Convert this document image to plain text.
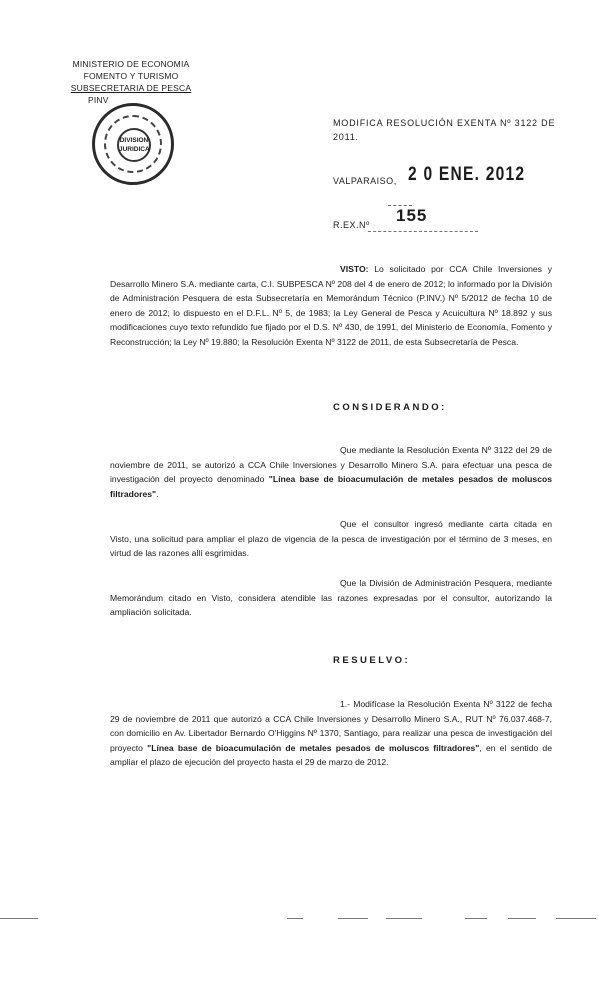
MINISTERIO DE ECONOMIA
FOMENTO Y TURISMO
SUBSECRETARIA DE PESCA
PINV
DIVISION JURIDICA
MODIFICA RESOLUCIÓN EXENTA Nº 3122 DE
2011.
VALPARAISO, 2 0 ENE. 2012
R.EX.Nº 155
VISTO: Lo solicitado por CCA Chile Inversiones y Desarrollo Minero S.A. mediante carta, C.I. SUBPESCA Nº 208 del 4 de enero de 2012; lo informado por la División de Administración Pesquera de esta Subsecretaría en Memorándum Técnico (P.INV.) Nº 5/2012 de fecha 10 de enero de 2012; lo dispuesto en el D.F.L. Nº 5, de 1983; la Ley General de Pesca y Acuicultura Nº 18.892 y sus modificaciones cuyo texto refundido fue fijado por el D.S. Nº 430, de 1991, del Ministerio de Economía, Fomento y Reconstrucción; la Ley Nº 19.880; la Resolución Exenta Nº 3122 de 2011, de esta Subsecretaría de Pesca.
CONSIDERANDO:
Que mediante la Resolución Exenta Nº 3122 del 29 de noviembre de 2011, se autorizó a CCA Chile Inversiones y Desarrollo Minero S.A. para efectuar una pesca de investigación del proyecto denominado "Línea base de bioacumulación de metales pesados de moluscos filtradores".
Que el consultor ingresó mediante carta citada en Visto, una solicitud para ampliar el plazo de vigencia de la pesca de investigación por el término de 3 meses, en virtud de las razones allí esgrimidas.
Que la División de Administración Pesquera, mediante Memorándum citado en Visto, considera atendible las razones expresadas por el consultor, autorizando la ampliación solicitada.
RESUELVO:
1.- Modifícase la Resolución Exenta Nº 3122 de fecha 29 de noviembre de 2011 que autorizó a CCA Chile Inversiones y Desarrollo Minero S.A., RUT Nº 76.037.468-7, con domicilio en Av. Libertador Bernardo O'Higgins Nº 1370, Santiago, para realizar una pesca de investigación del proyecto "Línea base de bioacumulación de metales pesados de moluscos filtradores", en el sentido de ampliar el plazo de ejecución del proyecto hasta el 29 de marzo de 2012.
